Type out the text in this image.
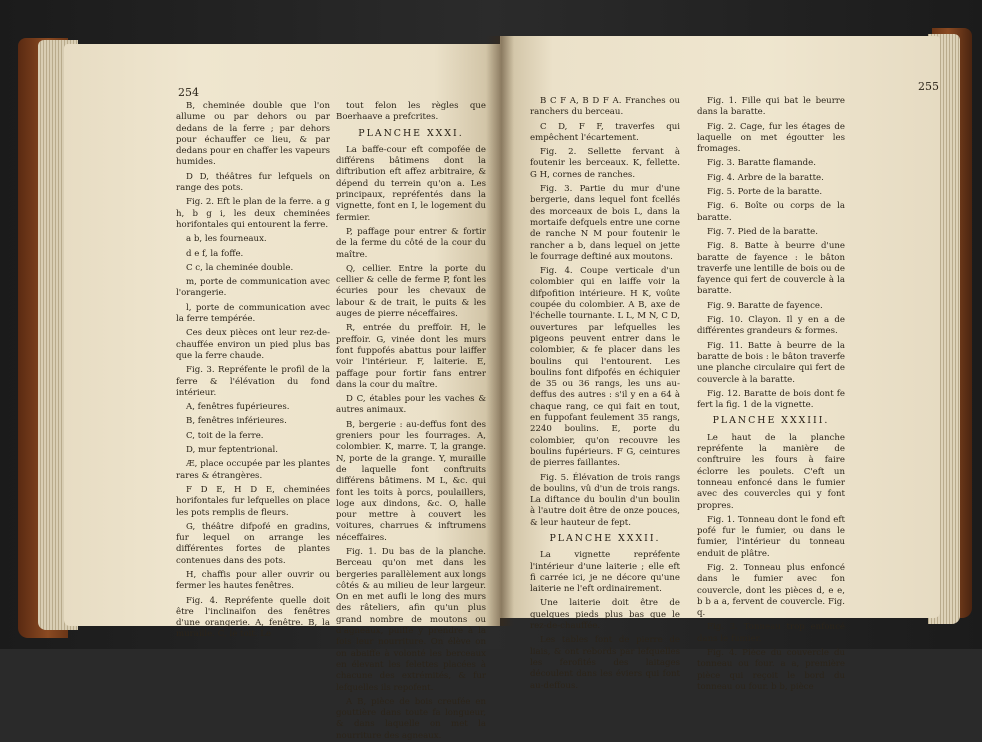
254	255

B, cheminée double que l'on allume ou par dehors ou par dedans de la ferre ; par dehors pour échauffer ce lieu, & par dedans pour en chaffer les vapeurs humides.

D D, théâtres fur lefquels on range des pots.

Fig. 2. Eft le plan de la ferre. a g h, b g i, les deux cheminées horifontales qui entourent la ferre.

a b, les fourneaux.

d e f, la foffe.

C c, la cheminée double.

m, porte de communication avec l'orangerie.

l, porte de communication avec la ferre tempérée.

Ces deux pièces ont leur rez-de-chauffée environ un pied plus bas que la ferre chaude.

Fig. 3. Repréfente le profil de la ferre & l'élévation du fond intérieur.

A, fenêtres fupérieures.

B, fenêtres inférieures.

C, toit de la ferre.

D, mur feptentrional.

Æ, place occupée par les plantes rares & étrangères.

F D E, H D E, cheminées horifontales fur lefquelles on place les pots remplis de fleurs.

G, théâtre difpofé en gradins, fur lequel on arrange les différentes fortes de plantes contenues dans des pots.

H, chaffis pour aller ouvrir ou fermer les hautes fenêtres.

Fig. 4. Repréfente quelle doit être l'inclinaifon des fenêtres d'une orangerie. A, fenêtre. B, la muraille. C, le toit. Le

tout felon les règles que Boerhaave a prefcrites.

PLANCHE XXXI.

La baffe-cour eft compofée de différens bâtimens dont la diftribution eft affez arbitraire, & dépend du terrein qu'on a. Les principaux, repréfentés dans la vignette, font en I, le logement du fermier.

P, paffage pour entrer & fortir de la ferme du côté de la cour du maître.

Q, cellier. Entre la porte du cellier & celle de ferme P, font les écuries pour les chevaux de labour & de trait, le puits & les auges de pierre néceffaires.

R, entrée du preffoir. H, le preffoir. G, vinée dont les murs font fuppofés abattus pour laiffer voir l'intérieur. F, laiterie. E, paffage pour fortir fans entrer dans la cour du maître.

D C, étables pour les vaches & autres animaux.

B, bergerie : au-deffus font des greniers pour les fourrages. A, colombier. K, marre. T, la grange. N, porte de la grange. Y, muraille de laquelle font conftruits différens bâtimens. M L, &c. qui font les toits à porcs, poulaillers, loge aux dindons, &c. O, halle pour mettre à couvert les voitures, charrues & inftrumens néceffaires.

Fig. 1. Du bas de la planche. Berceau qu'on met dans les bergeries parallèlement aux longs côtés & au milieu de leur largeur. On en met aufli le long des murs des râteliers, afin qu'un plus grand nombre de moutons ou d'agneaux, puiffe y prendre à la fois leur nourriture. On élève on on abaiffe à volonté les berceaux en élevant les felettes placées à chacune des extrémités, & fur lefquelles ils repofent.

A B, pièce de bois creufée en gouttière dans toute fa longueur, & dans laquelle on met la nourriture des agneaux.

B C F A, B D F A. Franches ou ranchers du berceau.

C D, F F, traverfes qui empêchent l'écartement.

Fig. 2. Sellette fervant à foutenir les berceaux. K, fellette. G H, cornes de ranches.

Fig. 3. Partie du mur d'une bergerie, dans lequel font fcellés des morceaux de bois L, dans la mortaife defquels entre une corne de ranche N M pour foutenir le rancher a b, dans lequel on jette le fourrage deftiné aux moutons.

Fig. 4. Coupe verticale d'un colombier qui en laiffe voir la difpofition intérieure. H K, voûte coupée du colombier. A B, axe de l'échelle tournante. L L, M N, C D, ouvertures par lefquelles les pigeons peuvent entrer dans le colombier, & fe placer dans les boulins qui l'entourent. Les boulins font difpofés en échiquier de 35 ou 36 rangs, les uns au-deffus des autres : s'il y en a 64 à chaque rang, ce qui fait en tout, en fuppofant feulement 35 rangs, 2240 boulins. E, porte du colombier, qu'on recouvre les boulins fupérieurs. F G, ceintures de pierres faillantes.

Fig. 5. Élévation de trois rangs de boulins, vû d'un de trois rangs. La diftance du boulin d'un boulin à l'autre doit être de onze pouces, & leur hauteur de fept.

PLANCHE XXXII.

La vignette repréfente l'intérieur d'une laiterie ; elle eft fi carrée ici, je ne décore qu'une laiterie ne l'eft ordinairement.

Une laiterie doit être de quelques pieds plus bas que le rez-de-chauffée.

Les tables font de pierre de liais, & ont rebords par lefquelles les ferofités des laitages découlent dans les éviers qui font au-deffous.

Fig. 1. Fille qui bat le beurre dans la baratte.

Fig. 2. Cage, fur les étages de laquelle on met égoutter les fromages.

Fig. 3. Baratte flamande.

Fig. 4. Arbre de la baratte.

Fig. 5. Porte de la baratte.

Fig. 6. Boîte ou corps de la baratte.

Fig. 7. Pied de la baratte.

Fig. 8. Batte à beurre d'une baratte de fayence : le bâton traverfe une lentille de bois ou de fayence qui fert de couvercle à la baratte.

Fig. 9. Baratte de fayence.

Fig. 10. Clayon. Il y en a de différentes grandeurs & formes.

Fig. 11. Batte à beurre de la baratte de bois : le bâton traverfe une planche circulaire qui fert de couvercle à la baratte.

Fig. 12. Baratte de bois dont fe fert la fig. 1 de la vignette.

PLANCHE XXXIII.

Le haut de la planche repréfente la manière de conftruire les fours à faire éclorre les poulets. C'eft un tonneau enfoncé dans le fumier avec des couvercles qui y font propres.

Fig. 1. Tonneau dont le fond eft pofé fur le fumier, ou dans le fumier, l'intérieur du tonneau enduit de plâtre.

Fig. 2. Tonneau plus enfoncé dans le fumier avec fon couvercle, dont les pièces d, e e, b b a a, fervent de couvercle. Fig. q.

Fig. 3. Tonneau trop enfoncé dans le fumier.

Fig. 4. Pièce du couvercle du tonneau ou four. a a, première pièce qui reçoit le bord du tonneau ou four. b b, pièce
